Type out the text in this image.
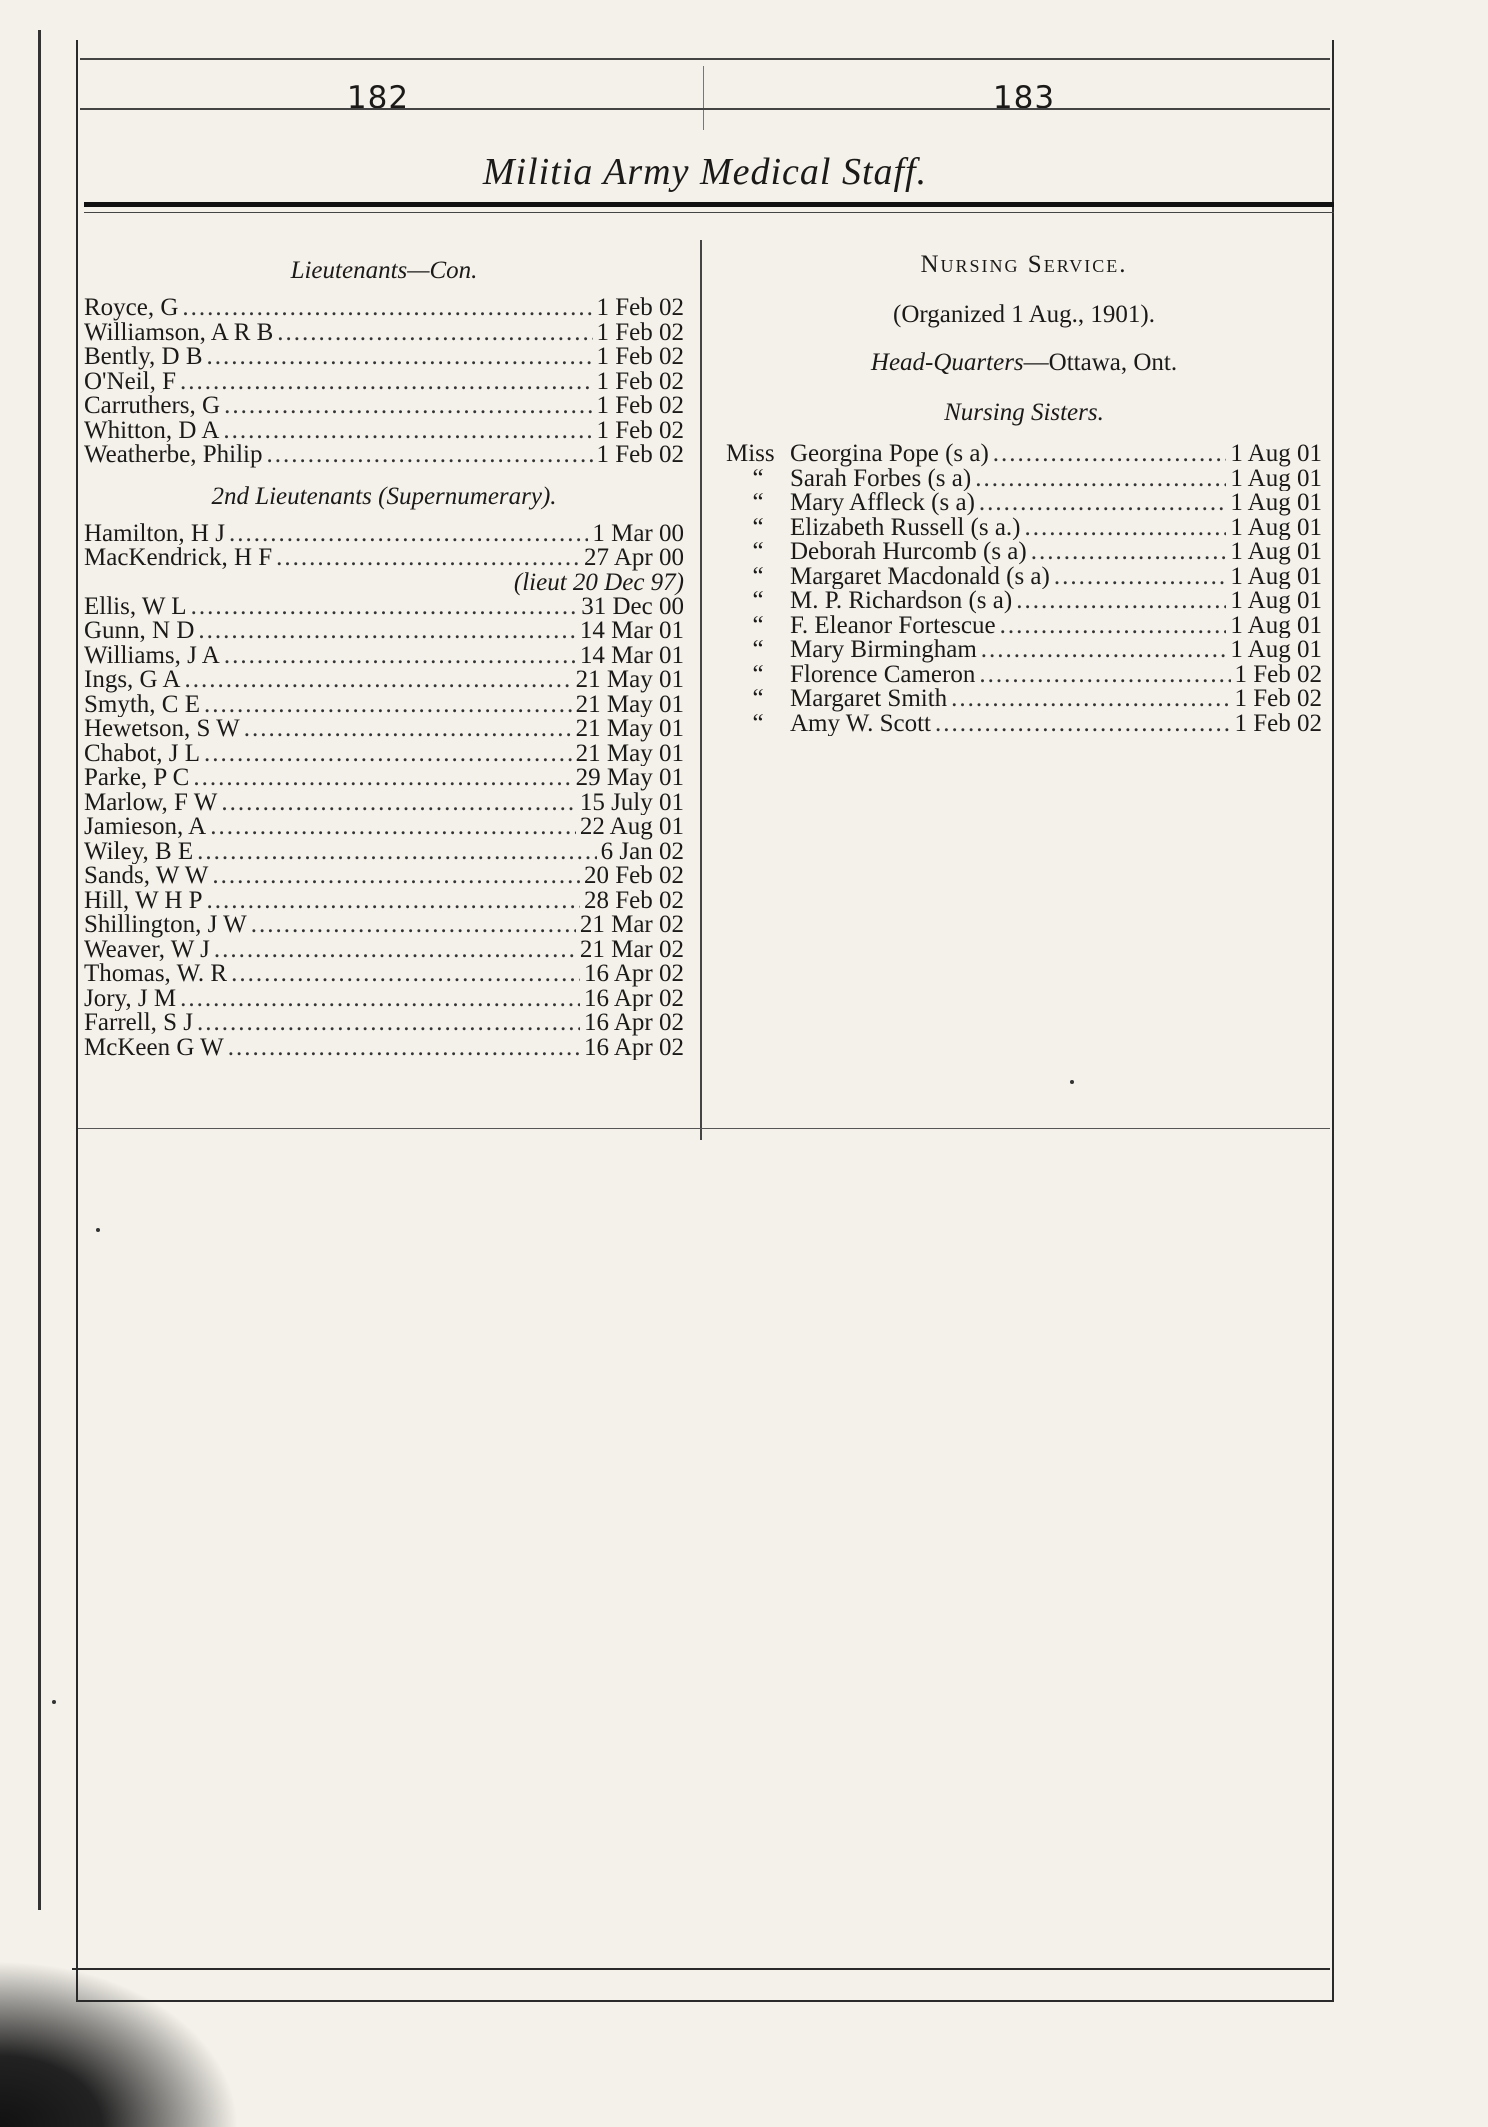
182	183
Militia Army Medical Staff.
Lieutenants—Con.
Royce, G .....	1 Feb 02
Williamson, A R B .....	1 Feb 02
Bently, D B .....	1 Feb 02
O'Neil, F .....	1 Feb 02
Carruthers, G .....	1 Feb 02
Whitton, D A .....	1 Feb 02
Weatherbe, Philip .....	1 Feb 02
2nd Lieutenants (Supernumerary).
Hamilton, H J .....	1 Mar 00
MacKendrick, H F .....	27 Apr 00
(lieut 20 Dec 97)
Ellis, W L .....	31 Dec 00
Gunn, N D .....	14 Mar 01
Williams, J A .....	14 Mar 01
Ings, G A .....	21 May 01
Smyth, C E .....	21 May 01
Hewetson, S W .....	21 May 01
Chabot, J L .....	21 May 01
Parke, P C .....	29 May 01
Marlow, F W .....	15 July 01
Jamieson, A .....	22 Aug 01
Wiley, B E .....	6 Jan 02
Sands, W W .....	20 Feb 02
Hill, W H P .....	28 Feb 02
Shillington, J W .....	21 Mar 02
Weaver, W J .....	21 Mar 02
Thomas, W. R .....	16 Apr 02
Jory, J M .....	16 Apr 02
Farrell, S J .....	16 Apr 02
McKeen G W .....	16 Apr 02
Nursing Service.
(Organized 1 Aug., 1901).
Head-Quarters—Ottawa, Ont.
Nursing Sisters.
Miss Georgina Pope (s a) .....	1 Aug 01
“	Sarah Forbes (s a) .....	1 Aug 01
“	Mary Affleck (s a) .....	1 Aug 01
“	Elizabeth Russell (s a.) .....	1 Aug 01
“	Deborah Hurcomb (s a) .....	1 Aug 01
“	Margaret Macdonald (s a) .....	1 Aug 01
“	M. P. Richardson (s a) .....	1 Aug 01
“	F. Eleanor Fortescue .....	1 Aug 01
“	Mary Birmingham .....	1 Aug 01
“	Florence Cameron .....	1 Feb 02
“	Margaret Smith .....	1 Feb 02
“	Amy W. Scott .....	1 Feb 02
